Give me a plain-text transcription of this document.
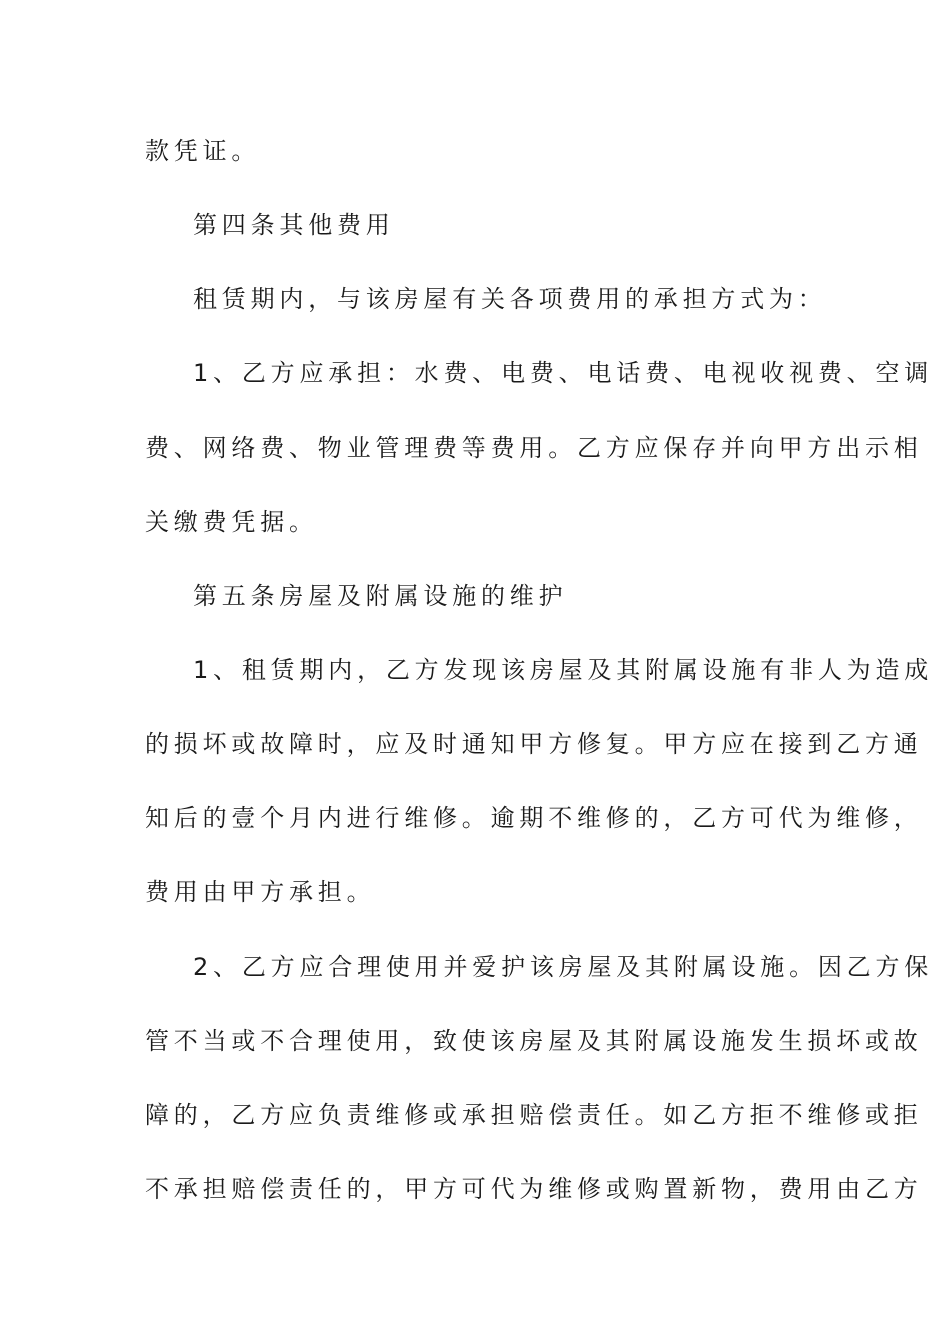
款凭证。
第四条其他费用
租赁期内，与该房屋有关各项费用的承担方式为：
1、乙方应承担：水费、电费、电话费、电视收视费、空调
费、网络费、物业管理费等费用。乙方应保存并向甲方出示相
关缴费凭据。
第五条房屋及附属设施的维护
1、租赁期内，乙方发现该房屋及其附属设施有非人为造成
的损坏或故障时，应及时通知甲方修复。甲方应在接到乙方通
知后的壹个月内进行维修。逾期不维修的，乙方可代为维修，
费用由甲方承担。
2、乙方应合理使用并爱护该房屋及其附属设施。因乙方保
管不当或不合理使用，致使该房屋及其附属设施发生损坏或故
障的，乙方应负责维修或承担赔偿责任。如乙方拒不维修或拒
不承担赔偿责任的，甲方可代为维修或购置新物，费用由乙方
